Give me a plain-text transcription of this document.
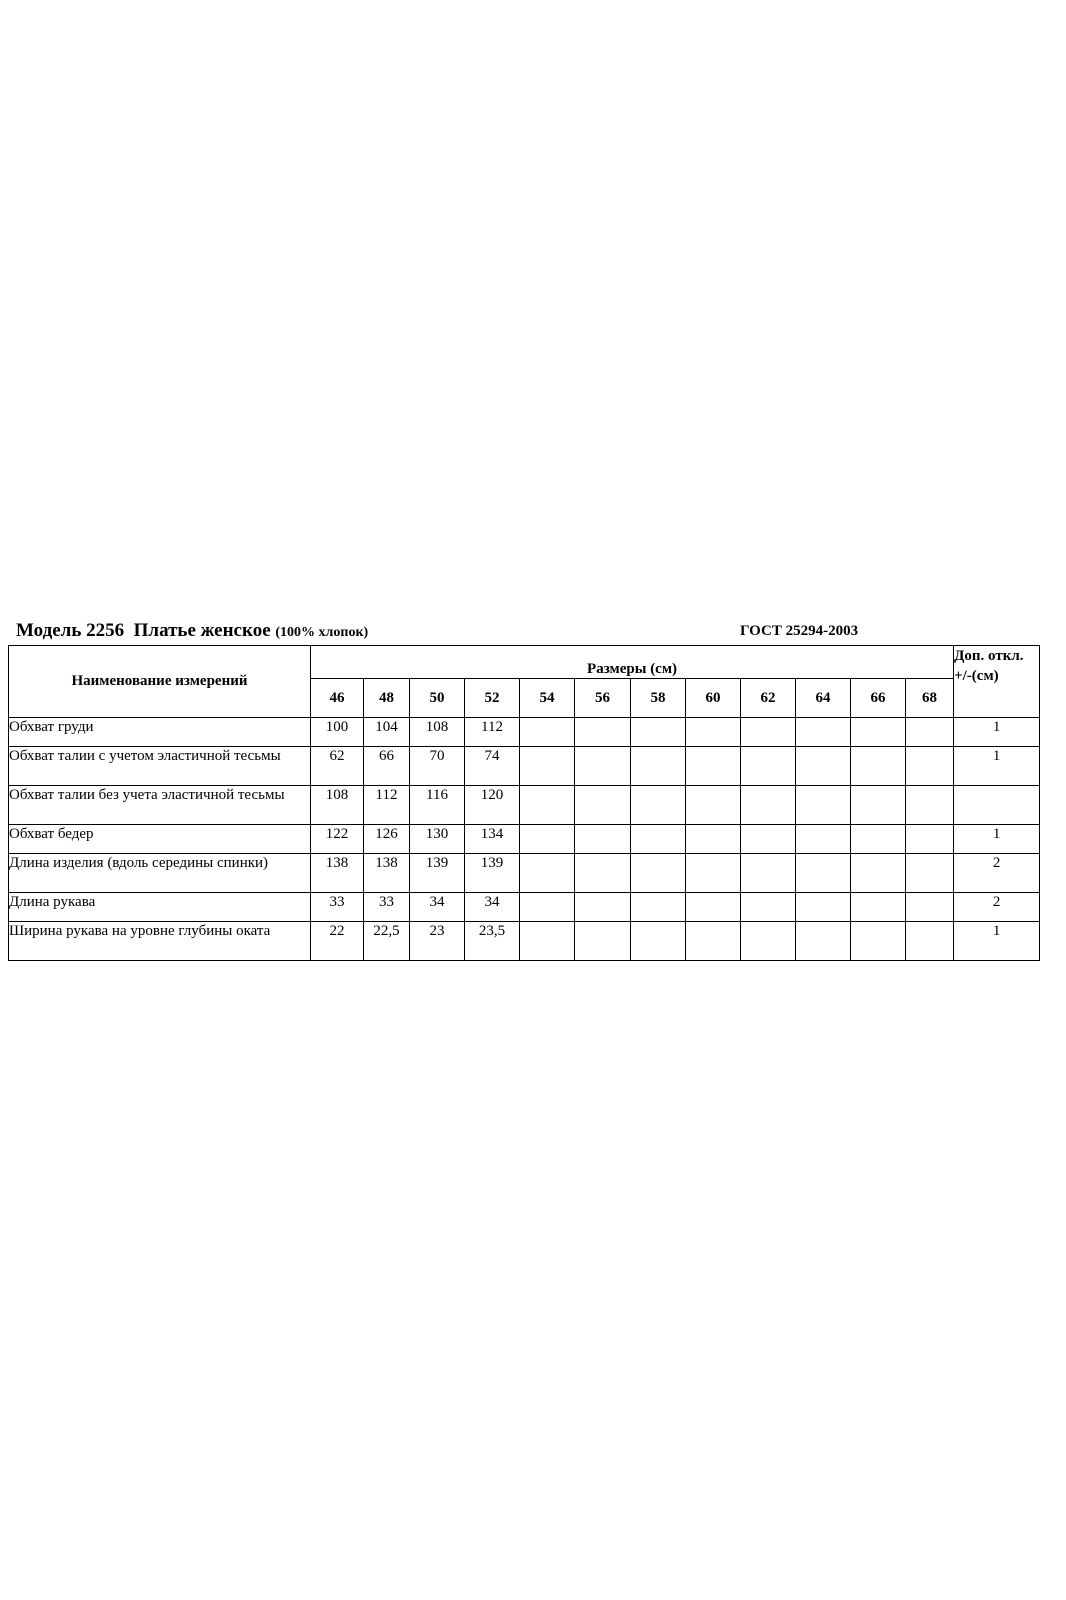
Модель 2256 Платье женское (100% хлопок)	ГОСТ 25294-2003
Наименование измерений	Размеры (см)												Доп. откл. +/-(см)
	46	48	50	52	54	56	58	60	62	64	66	68	
Обхват груди	100	104	108	112									1
Обхват талии с учетом эластичной тесьмы	62	66	70	74									1
Обхват талии без учета эластичной тесьмы	108	112	116	120									
Обхват бедер	122	126	130	134									1
Длина изделия (вдоль середины спинки)	138	138	139	139									2
Длина рукава	33	33	34	34									2
Ширина рукава на уровне глубины оката	22	22,5	23	23,5									1
